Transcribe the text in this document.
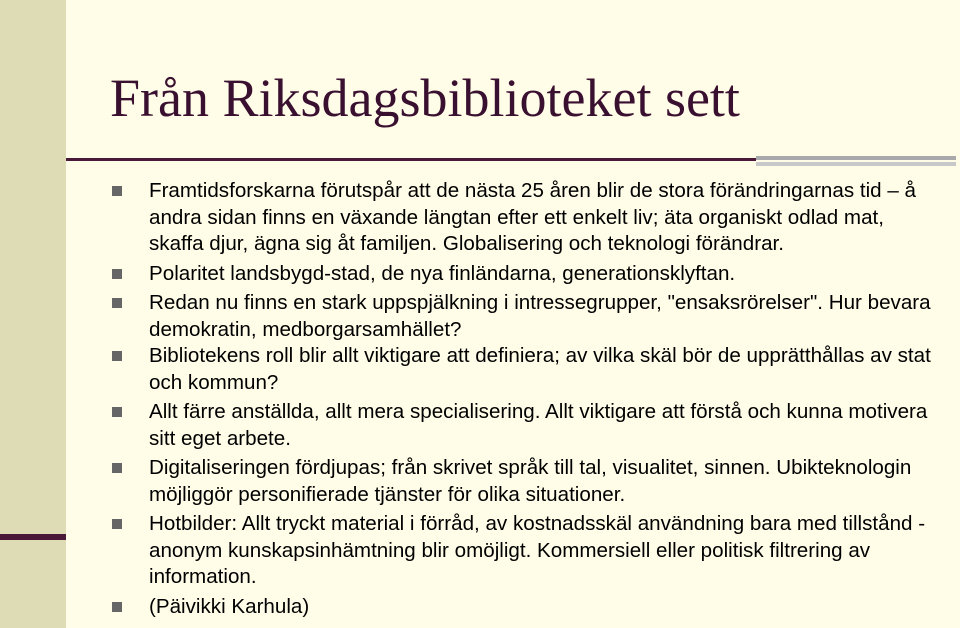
Från Riksdagsbiblioteket sett
Framtidsforskarna förutspår att de nästa 25 åren blir de stora förändringarnas tid – å andra sidan finns en växande längtan efter ett enkelt liv; äta organiskt odlad mat, skaffa djur, ägna sig åt familjen. Globalisering och teknologi förändrar.
Polaritet landsbygd-stad, de nya finländarna, generationsklyftan.
Redan nu finns en stark uppspjälkning i intressegrupper, "ensaksrörelser". Hur bevara demokratin, medborgarsamhället?
Bibliotekens roll blir allt viktigare att definiera; av vilka skäl bör de upprätthållas av stat och kommun?
Allt färre anställda, allt mera specialisering. Allt viktigare att förstå och kunna motivera sitt eget arbete.
Digitaliseringen fördjupas; från skrivet språk till tal, visualitet, sinnen. Ubikteknologin möjliggör personifierade tjänster för olika situationer.
Hotbilder: Allt tryckt material i förråd, av kostnadsskäl användning bara med tillstånd -anonym kunskapsinhämtning blir omöjligt. Kommersiell eller politisk filtrering av information.
(Päivikki Karhula)
